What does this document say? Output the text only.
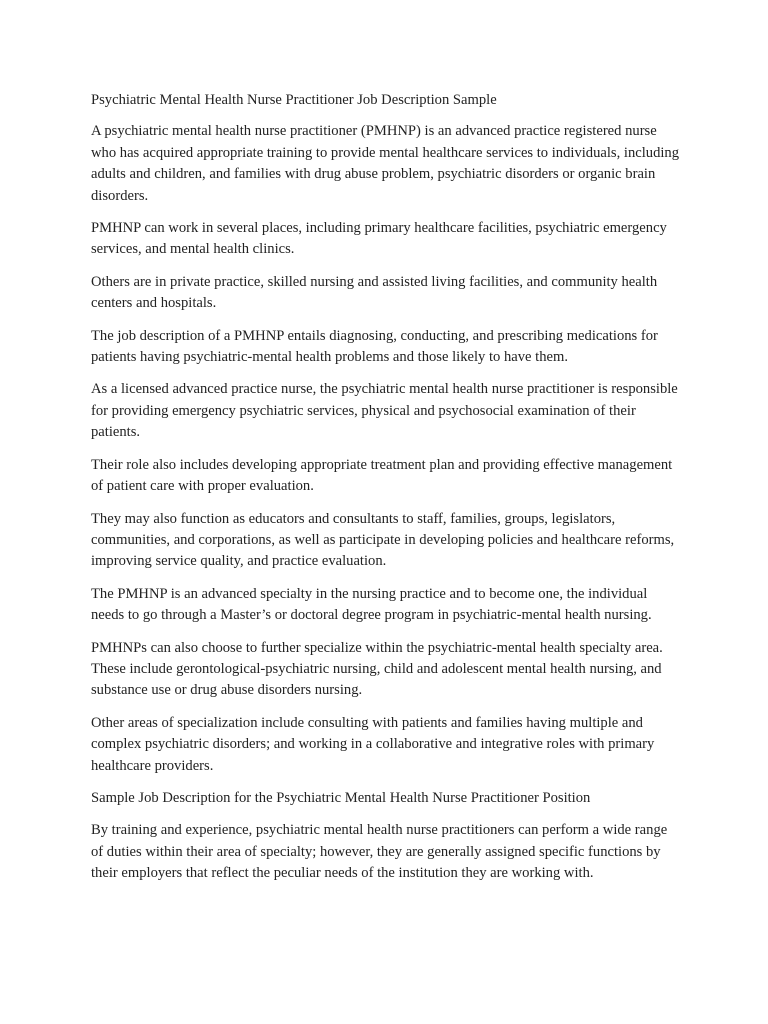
Psychiatric Mental Health Nurse Practitioner Job Description Sample

A psychiatric mental health nurse practitioner (PMHNP) is an advanced practice registered nurse who has acquired appropriate training to provide mental healthcare services to individuals, including adults and children, and families with drug abuse problem, psychiatric disorders or organic brain disorders.

PMHNP can work in several places, including primary healthcare facilities, psychiatric emergency services, and mental health clinics.

Others are in private practice, skilled nursing and assisted living facilities, and community health centers and hospitals.

The job description of a PMHNP entails diagnosing, conducting, and prescribing medications for patients having psychiatric-mental health problems and those likely to have them.

As a licensed advanced practice nurse, the psychiatric mental health nurse practitioner is responsible for providing emergency psychiatric services, physical and psychosocial examination of their patients.

Their role also includes developing appropriate treatment plan and providing effective management of patient care with proper evaluation.

They may also function as educators and consultants to staff, families, groups, legislators, communities, and corporations, as well as participate in developing policies and healthcare reforms, improving service quality, and practice evaluation.

The PMHNP is an advanced specialty in the nursing practice and to become one, the individual needs to go through a Master’s or doctoral degree program in psychiatric-mental health nursing.

PMHNPs can also choose to further specialize within the psychiatric-mental health specialty area. These include gerontological-psychiatric nursing, child and adolescent mental health nursing, and substance use or drug abuse disorders nursing.

Other areas of specialization include consulting with patients and families having multiple and complex psychiatric disorders; and working in a collaborative and integrative roles with primary healthcare providers.

Sample Job Description for the Psychiatric Mental Health Nurse Practitioner Position

By training and experience, psychiatric mental health nurse practitioners can perform a wide range of duties within their area of specialty; however, they are generally assigned specific functions by their employers that reflect the peculiar needs of the institution they are working with.
